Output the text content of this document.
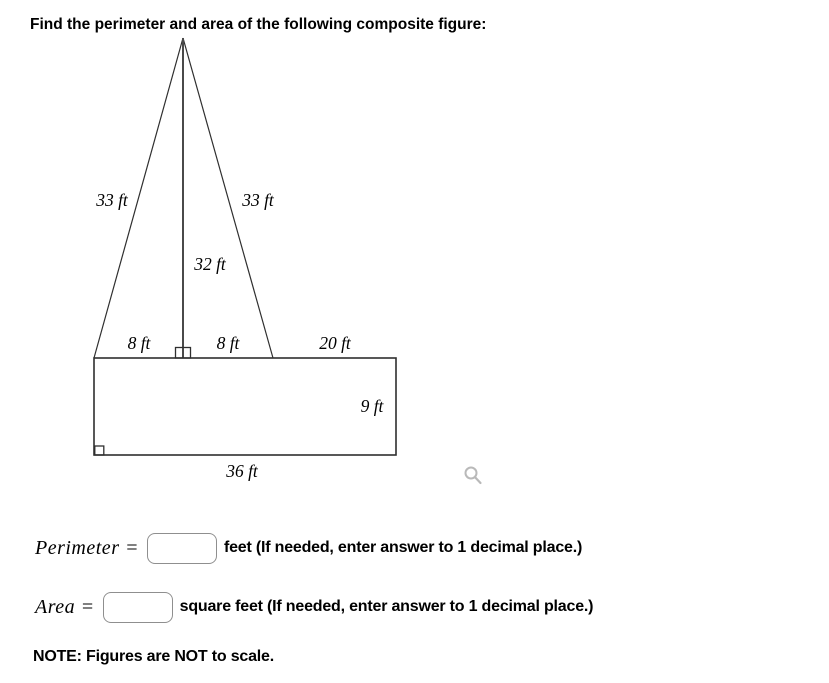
Find the perimeter and area of the following composite figure:
33 ft	33 ft
32 ft
8 ft	8 ft	20 ft
9 ft
36 ft
Perimeter =	feet (If needed, enter answer to 1 decimal place.)
Area =	square feet (If needed, enter answer to 1 decimal place.)
NOTE: Figures are NOT to scale.
